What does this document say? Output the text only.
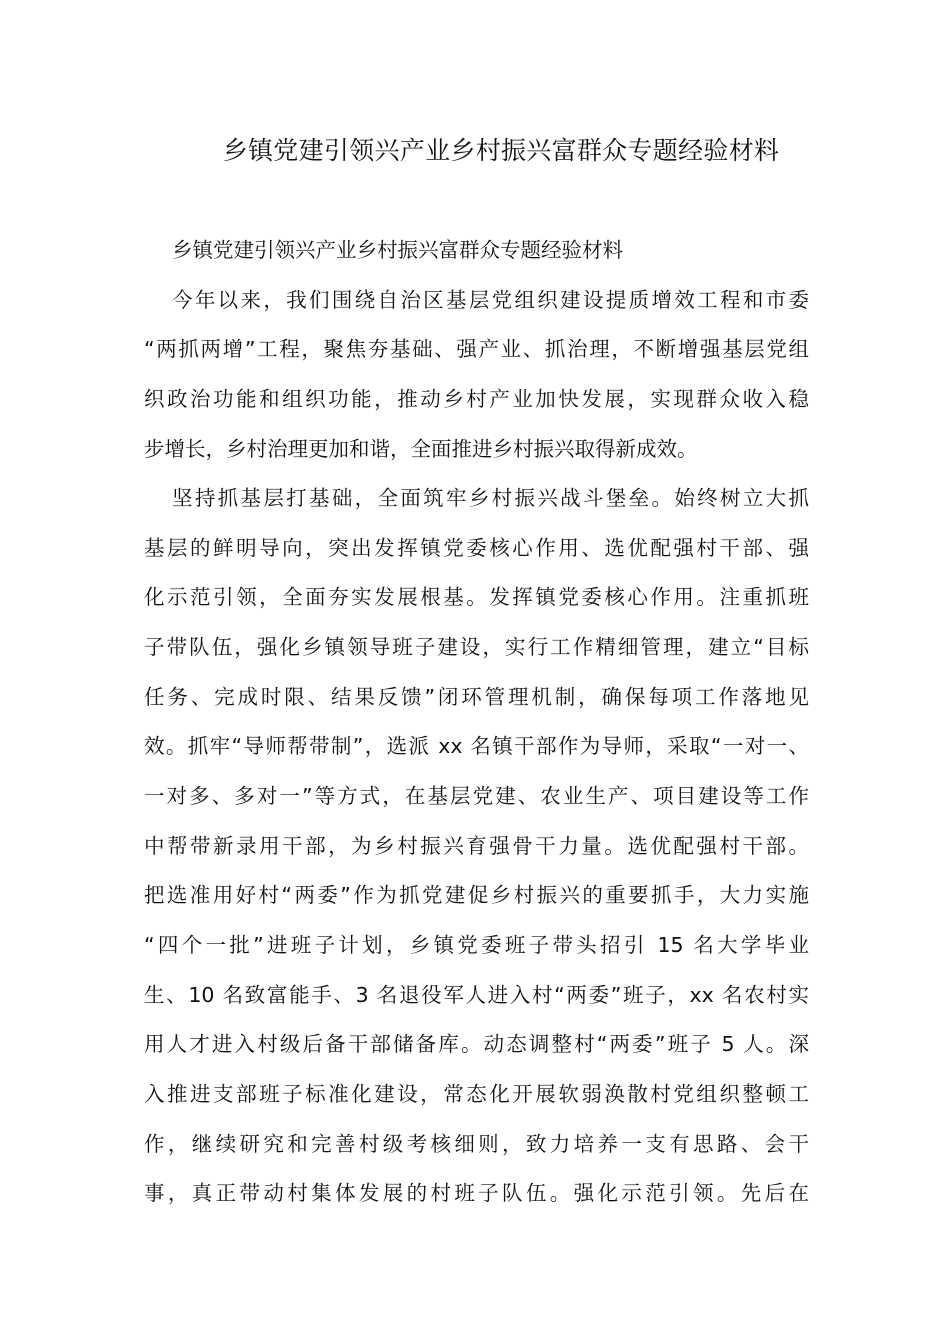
乡镇党建引领兴产业乡村振兴富群众专题经验材料
乡镇党建引领兴产业乡村振兴富群众专题经验材料
今年以来，我们围绕自治区基层党组织建设提质增效工程和市委
“两抓两增”工程，聚焦夯基础、强产业、抓治理，不断增强基层党组
织政治功能和组织功能，推动乡村产业加快发展，实现群众收入稳
步增长，乡村治理更加和谐，全面推进乡村振兴取得新成效。
坚持抓基层打基础，全面筑牢乡村振兴战斗堡垒。始终树立大抓
基层的鲜明导向，突出发挥镇党委核心作用、选优配强村干部、强
化示范引领，全面夯实发展根基。发挥镇党委核心作用。注重抓班
子带队伍，强化乡镇领导班子建设，实行工作精细管理，建立“目标
任务、完成时限、结果反馈”闭环管理机制，确保每项工作落地见
效。抓牢“导师帮带制”，选派 xx 名镇干部作为导师，采取“一对一、
一对多、多对一”等方式，在基层党建、农业生产、项目建设等工作
中帮带新录用干部，为乡村振兴育强骨干力量。选优配强村干部。
把选准用好村“两委”作为抓党建促乡村振兴的重要抓手，大力实施
“四个一批”进班子计划，乡镇党委班子带头招引 15 名大学毕业
生、10 名致富能手、3 名退役军人进入村“两委”班子，xx 名农村实
用人才进入村级后备干部储备库。动态调整村“两委”班子 5 人。深
入推进支部班子标准化建设，常态化开展软弱涣散村党组织整顿工
作，继续研究和完善村级考核细则，致力培养一支有思路、会干
事，真正带动村集体发展的村班子队伍。强化示范引领。先后在
